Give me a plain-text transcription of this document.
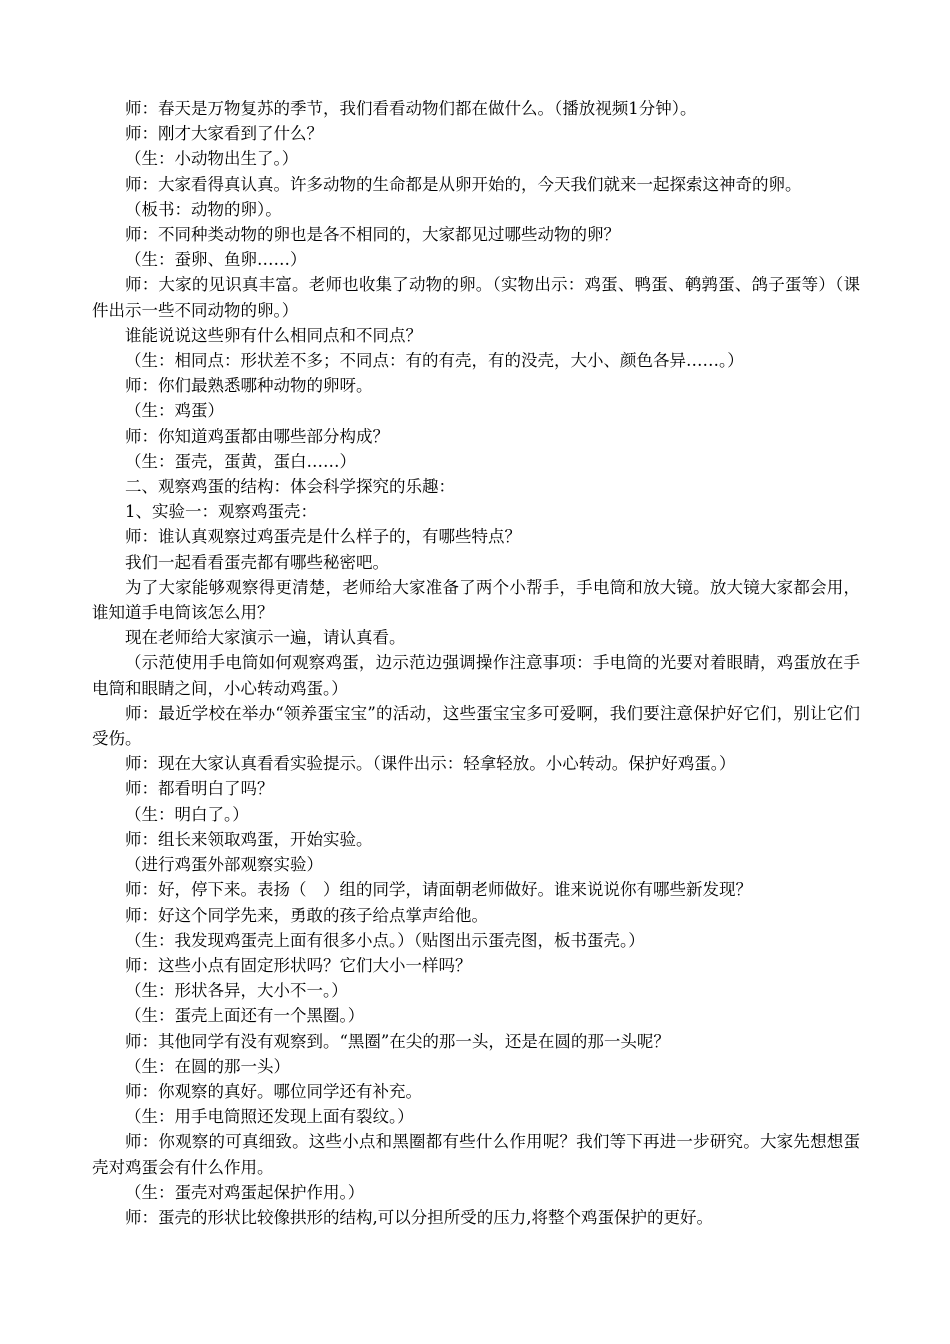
师：春天是万物复苏的季节，我们看看动物们都在做什么。（播放视频1分钟）。

师：刚才大家看到了什么？

（生：小动物出生了。）

师：大家看得真认真。许多动物的生命都是从卵开始的，今天我们就来一起探索这神奇的卵。

（板书：动物的卵）。

师：不同种类动物的卵也是各不相同的，大家都见过哪些动物的卵？

（生：蚕卵、鱼卵……）

师：大家的见识真丰富。老师也收集了动物的卵。（实物出示：鸡蛋、鸭蛋、鹌鹑蛋、鸽子蛋等）（课件出示一些不同动物的卵。）

谁能说说这些卵有什么相同点和不同点？

（生：相同点：形状差不多；不同点：有的有壳，有的没壳，大小、颜色各异……。）

师：你们最熟悉哪种动物的卵呀。

（生：鸡蛋）

师：你知道鸡蛋都由哪些部分构成？

（生：蛋壳，蛋黄，蛋白……）

二、观察鸡蛋的结构：体会科学探究的乐趣：

1、实验一：观察鸡蛋壳：

师：谁认真观察过鸡蛋壳是什么样子的，有哪些特点？

我们一起看看蛋壳都有哪些秘密吧。

为了大家能够观察得更清楚，老师给大家准备了两个小帮手，手电筒和放大镜。放大镜大家都会用，谁知道手电筒该怎么用？

现在老师给大家演示一遍，请认真看。

（示范使用手电筒如何观察鸡蛋，边示范边强调操作注意事项：手电筒的光要对着眼睛，鸡蛋放在手电筒和眼睛之间，小心转动鸡蛋。）

师：最近学校在举办“领养蛋宝宝”的活动，这些蛋宝宝多可爱啊，我们要注意保护好它们，别让它们受伤。

师：现在大家认真看看实验提示。（课件出示：轻拿轻放。小心转动。保护好鸡蛋。）

师：都看明白了吗？

（生：明白了。）

师：组长来领取鸡蛋，开始实验。

（进行鸡蛋外部观察实验）

师：好，停下来。表扬（　）组的同学，请面朝老师做好。谁来说说你有哪些新发现？

师：好这个同学先来，勇敢的孩子给点掌声给他。

（生：我发现鸡蛋壳上面有很多小点。）（贴图出示蛋壳图，板书蛋壳。）

师：这些小点有固定形状吗？它们大小一样吗？

（生：形状各异，大小不一。）

（生：蛋壳上面还有一个黑圈。）

师：其他同学有没有观察到。“黑圈”在尖的那一头，还是在圆的那一头呢？

（生：在圆的那一头）

师：你观察的真好。哪位同学还有补充。

（生：用手电筒照还发现上面有裂纹。）

师：你观察的可真细致。这些小点和黑圈都有些什么作用呢？我们等下再进一步研究。大家先想想蛋壳对鸡蛋会有什么作用。

（生：蛋壳对鸡蛋起保护作用。）

师：蛋壳的形状比较像拱形的结构,可以分担所受的压力,将整个鸡蛋保护的更好。
